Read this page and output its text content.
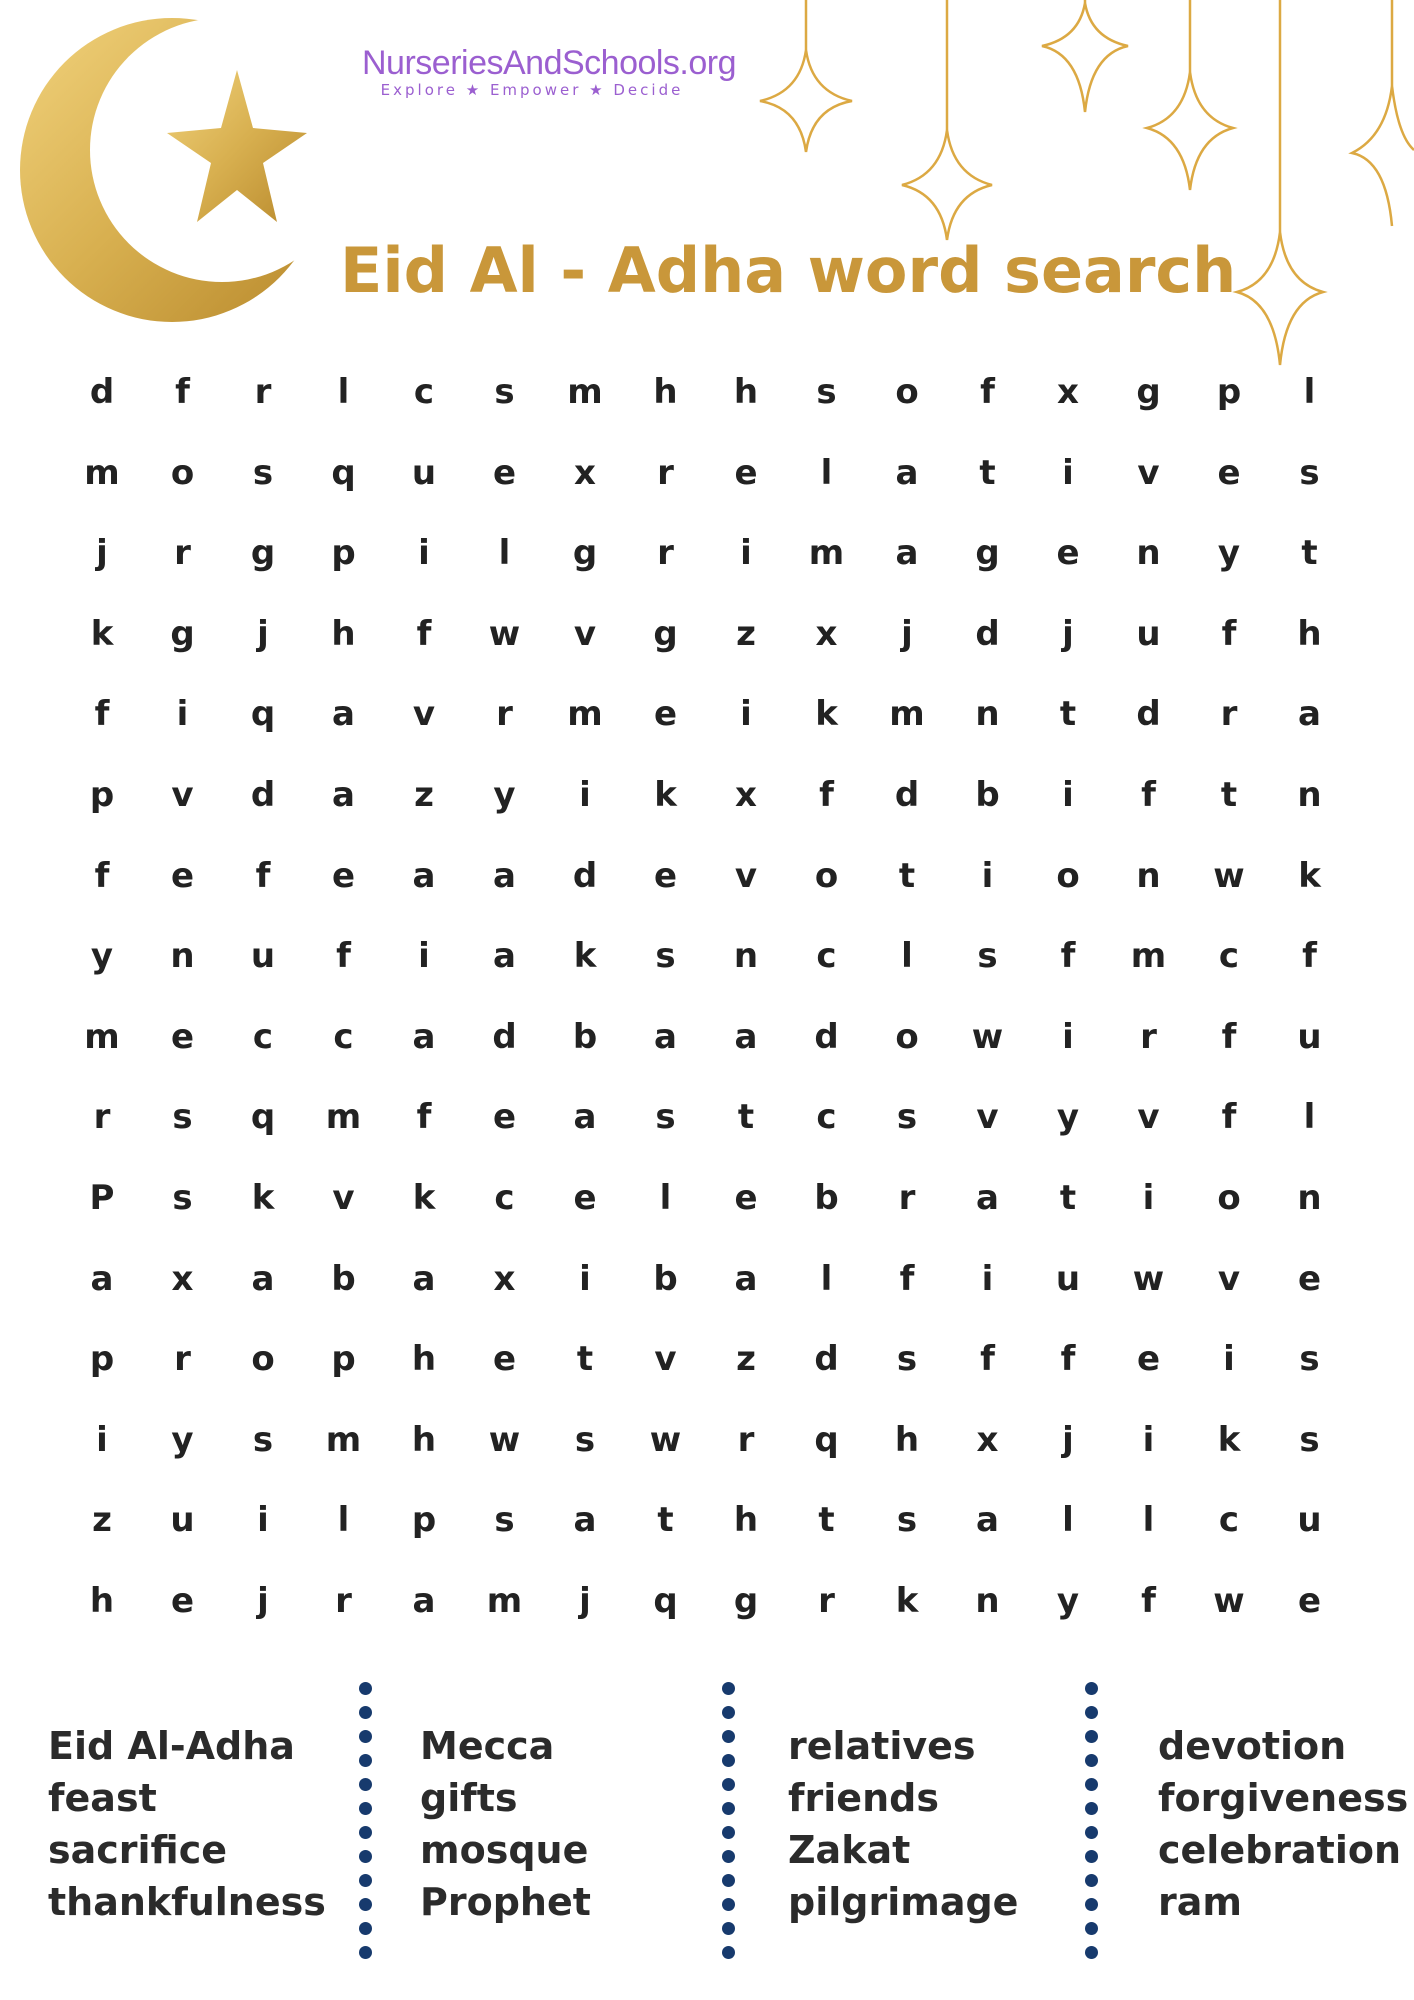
NurseriesAndSchools.org
Explore ★ Empower ★ Decide
Eid Al - Adha word search
d	f	r	l	c	s	m	h	h	s	o	f	x	g	p	l
m	o	s	q	u	e	x	r	e	l	a	t	i	v	e	s
j	r	g	p	i	l	g	r	i	m	a	g	e	n	y	t
k	g	j	h	f	w	v	g	z	x	j	d	j	u	f	h
f	i	q	a	v	r	m	e	i	k	m	n	t	d	r	a
p	v	d	a	z	y	i	k	x	f	d	b	i	f	t	n
f	e	f	e	a	a	d	e	v	o	t	i	o	n	w	k
y	n	u	f	i	a	k	s	n	c	l	s	f	m	c	f
m	e	c	c	a	d	b	a	a	d	o	w	i	r	f	u
r	s	q	m	f	e	a	s	t	c	s	v	y	v	f	l
P	s	k	v	k	c	e	l	e	b	r	a	t	i	o	n
a	x	a	b	a	x	i	b	a	l	f	i	u	w	v	e
p	r	o	p	h	e	t	v	z	d	s	f	f	e	i	s
i	y	s	m	h	w	s	w	r	q	h	x	j	i	k	s
z	u	i	l	p	s	a	t	h	t	s	a	l	l	c	u
h	e	j	r	a	m	j	q	g	r	k	n	y	f	w	e
Eid Al-Adha
feast
sacrifice
thankfulness
Mecca
gifts
mosque
Prophet
relatives
friends
Zakat
pilgrimage
devotion
forgiveness
celebration
ram
